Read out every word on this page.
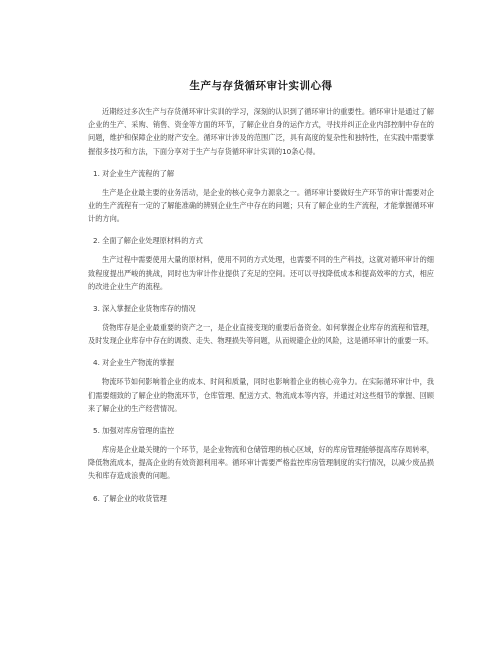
生产与存货循环审计实训心得

近期经过多次生产与存货循环审计实训的学习，深刻的认识到了循环审计的重要性。循环审计是通过了解企业的生产、采购、销售、资金等方面的环节，了解企业自身的运作方式，寻找并纠正企业内部控制中存在的问题，维护和保障企业的财产安全。循环审计涉及的范围广泛，具有高度的复杂性和独特性，在实践中需要掌握很多技巧和方法，下面分享对于生产与存货循环审计实训的10条心得。

1. 对企业生产流程的了解

生产是企业最主要的业务活动，是企业的核心竞争力源泉之一。循环审计要做好生产环节的审计需要对企业的生产流程有一定的了解能准确的辨别企业生产中存在的问题；只有了解企业的生产流程，才能掌握循环审计的方向。

2. 全面了解企业处理原材料的方式

生产过程中需要使用大量的原材料，使用不同的方式处理，也需要不同的生产科技，这就对循环审计的细致程度提出严峻的挑战，同时也为审计作业提供了充足的空间。还可以寻找降低成本和提高效率的方式，相应的改进企业生产的流程。

3. 深入掌握企业货物库存的情况

货物库存是企业最重要的资产之一，是企业直接变现的重要后备资金。如何掌握企业库存的流程和管理，及时发现企业库存中存在的调拨、走失、物理损失等问题，从而规避企业的风险，这是循环审计的重要一环。

4. 对企业生产物流的掌握

物流环节如何影响着企业的成本、时间和质量，同时也影响着企业的核心竞争力。在实际循环审计中，我们需要细致的了解企业的物流环节，仓库管理、配送方式、物流成本等内容，并通过对这些细节的掌握、回顾来了解企业的生产经营情况。

5. 加强对库房管理的监控

库房是企业最关键的一个环节，是企业物流和仓储管理的核心区域，好的库房管理能够提高库存周转率，降低物流成本，提高企业的有效资源利用率。循环审计需要严格监控库房管理制度的实行情况，以减少废品损失和库存造成浪费的问题。

6. 了解企业的收货管理
